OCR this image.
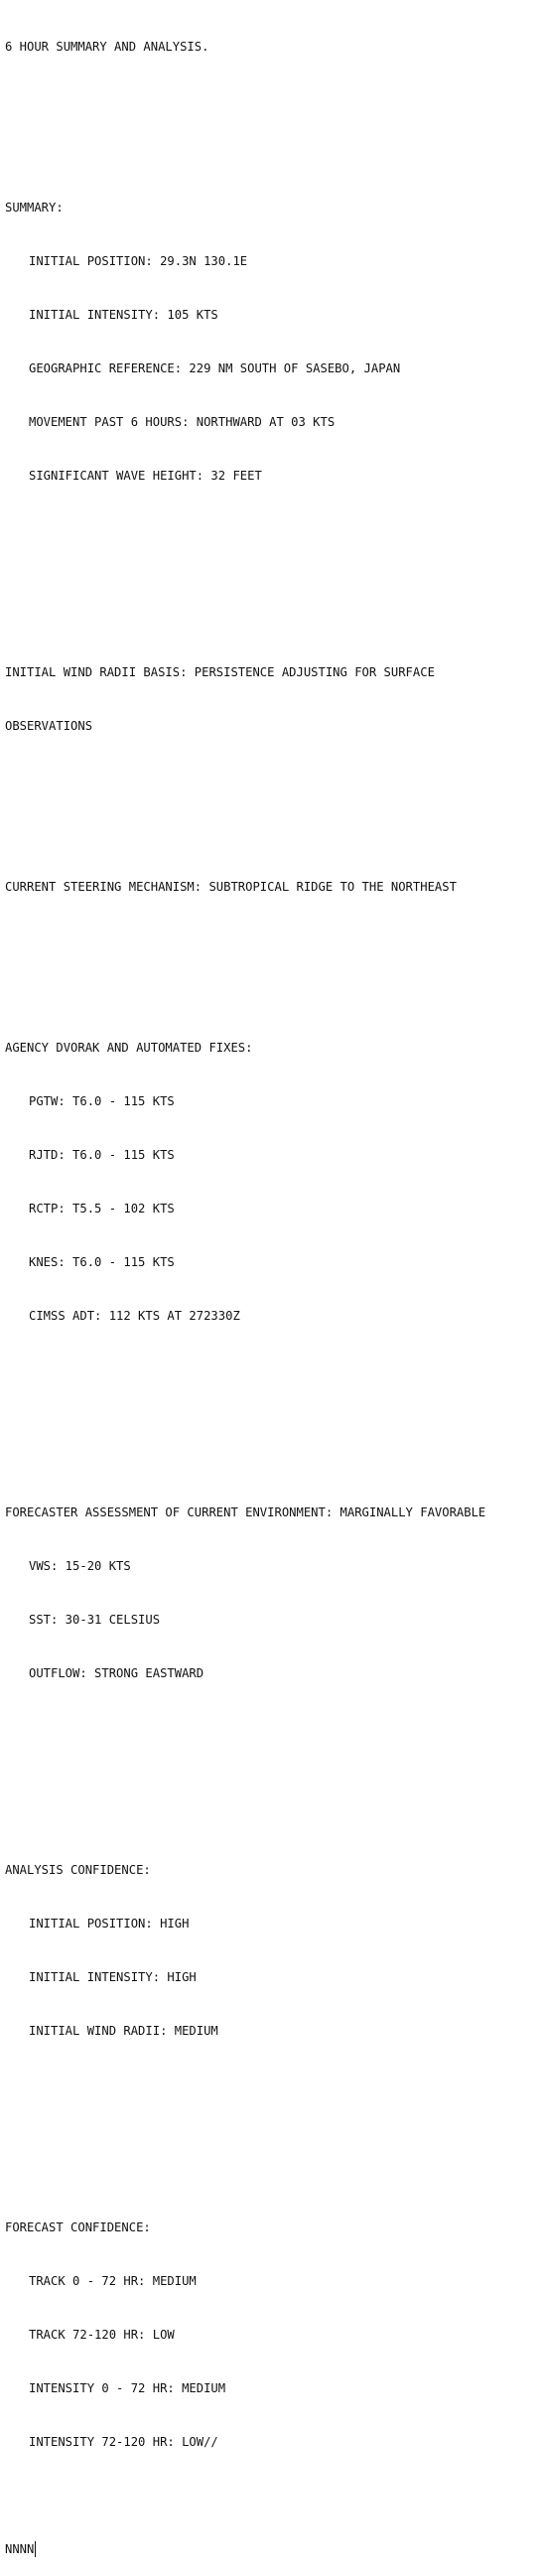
6 HOUR SUMMARY AND ANALYSIS.

SUMMARY:

INITIAL POSITION: 29.3N 130.1E

INITIAL INTENSITY: 105 KTS

GEOGRAPHIC REFERENCE: 229 NM SOUTH OF SASEBO, JAPAN

MOVEMENT PAST 6 HOURS: NORTHWARD AT 03 KTS

SIGNIFICANT WAVE HEIGHT: 32 FEET

INITIAL WIND RADII BASIS: PERSISTENCE ADJUSTING FOR SURFACE

OBSERVATIONS

CURRENT STEERING MECHANISM: SUBTROPICAL RIDGE TO THE NORTHEAST

AGENCY DVORAK AND AUTOMATED FIXES:

PGTW: T6.0 - 115 KTS

RJTD: T6.0 - 115 KTS

RCTP: T5.5 - 102 KTS

KNES: T6.0 - 115 KTS

CIMSS ADT: 112 KTS AT 272330Z

FORECASTER ASSESSMENT OF CURRENT ENVIRONMENT: MARGINALLY FAVORABLE

VWS: 15-20 KTS

SST: 30-31 CELSIUS

OUTFLOW: STRONG EASTWARD

ANALYSIS CONFIDENCE:

INITIAL POSITION: HIGH

INITIAL INTENSITY: HIGH

INITIAL WIND RADII: MEDIUM

FORECAST CONFIDENCE:

TRACK 0 - 72 HR: MEDIUM

TRACK 72-120 HR: LOW

INTENSITY 0 - 72 HR: MEDIUM

INTENSITY 72-120 HR: LOW//

NNNN
